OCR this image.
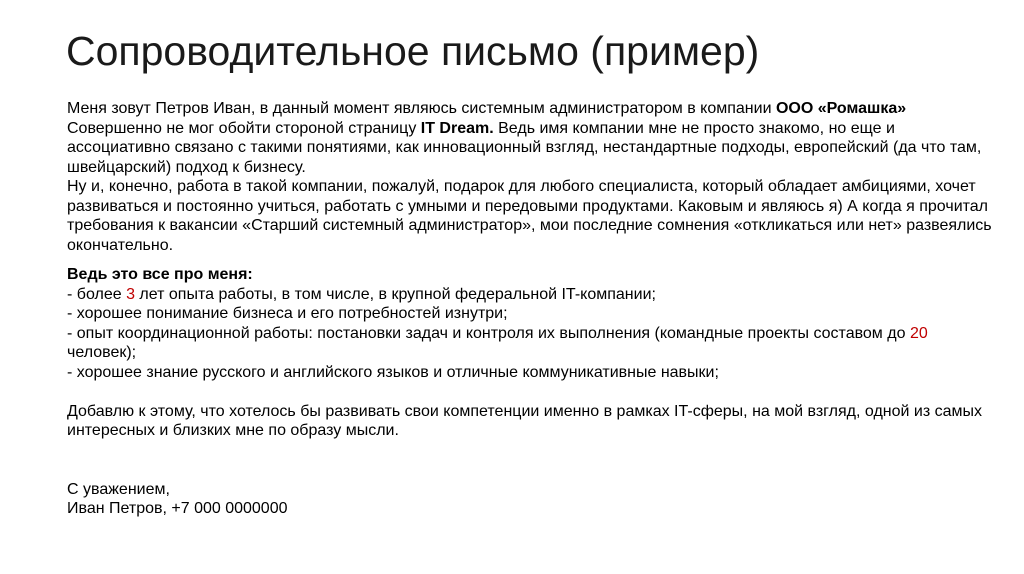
Сопроводительное письмо (пример)

Меня зовут Петров Иван, в данный момент являюсь системным администратором в компании ООО «Ромашка»

Совершенно не мог обойти стороной страницу IT Dream. Ведь имя компании мне не просто знакомо, но еще и ассоциативно связано с такими понятиями, как инновационный взгляд, нестандартные подходы, европейский (да что там, швейцарский) подход к бизнесу.

Ну и, конечно, работа в такой компании, пожалуй, подарок для любого специалиста, который обладает амбициями, хочет развиваться и постоянно учиться, работать с умными и передовыми продуктами. Каковым и являюсь я) А когда я прочитал требования к вакансии «Старший системный администратор», мои последние сомнения «откликаться или нет» развеялись окончательно.

Ведь это все про меня:

- более 3 лет опыта работы, в том числе, в крупной федеральной IT-компании;

- хорошее понимание бизнеса и его потребностей изнутри;

- опыт координационной работы: постановки задач и контроля их выполнения (командные проекты составом до 20 человек);

- хорошее знание русского и английского языков и отличные коммуникативные навыки;

Добавлю к этому, что хотелось бы развивать свои компетенции именно в рамках IT-сферы, на мой взгляд, одной из самых интересных и близких мне по образу мысли.

С уважением,

Иван Петров, +7 000 0000000
